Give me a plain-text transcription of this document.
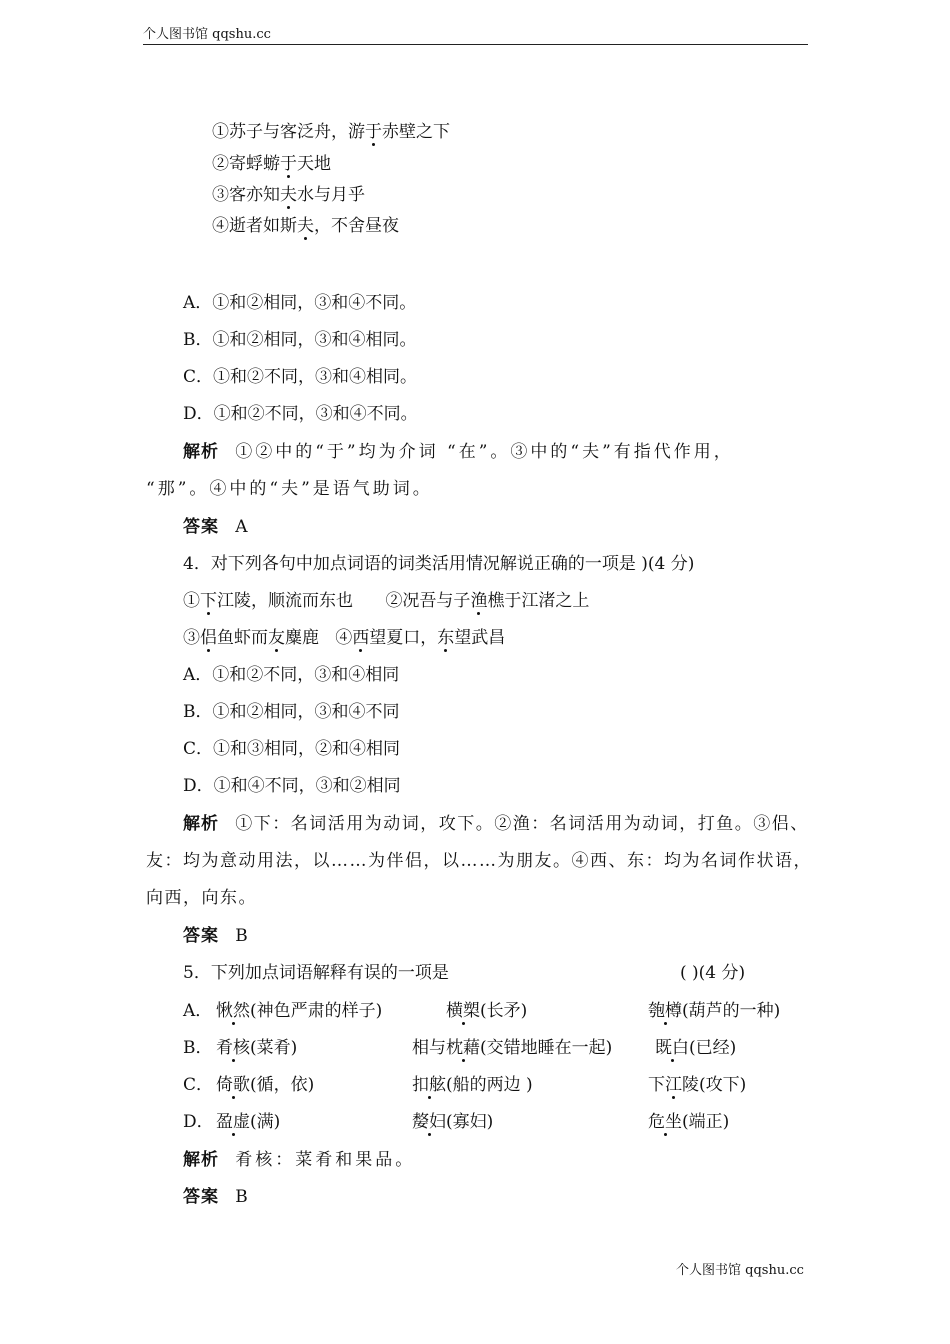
个人图书馆 qqshu.cc
①苏子与客泛舟，游于赤壁之下
②寄蜉蝣于天地
③客亦知夫水与月乎
④逝者如斯夫，不舍昼夜
A．①和②相同，③和④不同。
B．①和②相同，③和④相同。
C．①和②不同，③和④相同。
D．①和②不同，③和④不同。
解析 ①②中的“于”均为介词 “在”。③中的“夫”有指代作用，
“那”。④中的“夫”是语气助词。
答案 A
4．对下列各句中加点词语的词类活用情况解说正确的一项是 )(4 分)
①下江陵，顺流而东也 ②况吾与子渔樵于江渚之上
③侣鱼虾而友麋鹿 ④西望夏口，东望武昌
A．①和②不同，③和④相同
B．①和②相同，③和④不同
C．①和③相同，②和④相同
D．①和④不同，③和②相同
解析 ①下：名词活用为动词，攻下。②渔：名词活用为动词，打鱼。③侣、
友：均为意动用法，以……为伴侣，以……为朋友。④西、东：均为名词作状语，
向西，向东。
答案 B
5．下列加点词语解释有误的一项是	( )(4 分)
A． 愀然(神色严肃的样子)	横槊(长矛)	匏樽(葫芦的一种)
B． 肴核(菜肴)	相与枕藉(交错地睡在一起)	既白(已经)
C． 倚歌(循，依)	扣舷(船的两边 )	下江陵(攻下)
D． 盈虚(满)	嫠妇(寡妇)	危坐(端正)
解析 肴核：菜肴和果品。
答案 B
个人图书馆 qqshu.cc
